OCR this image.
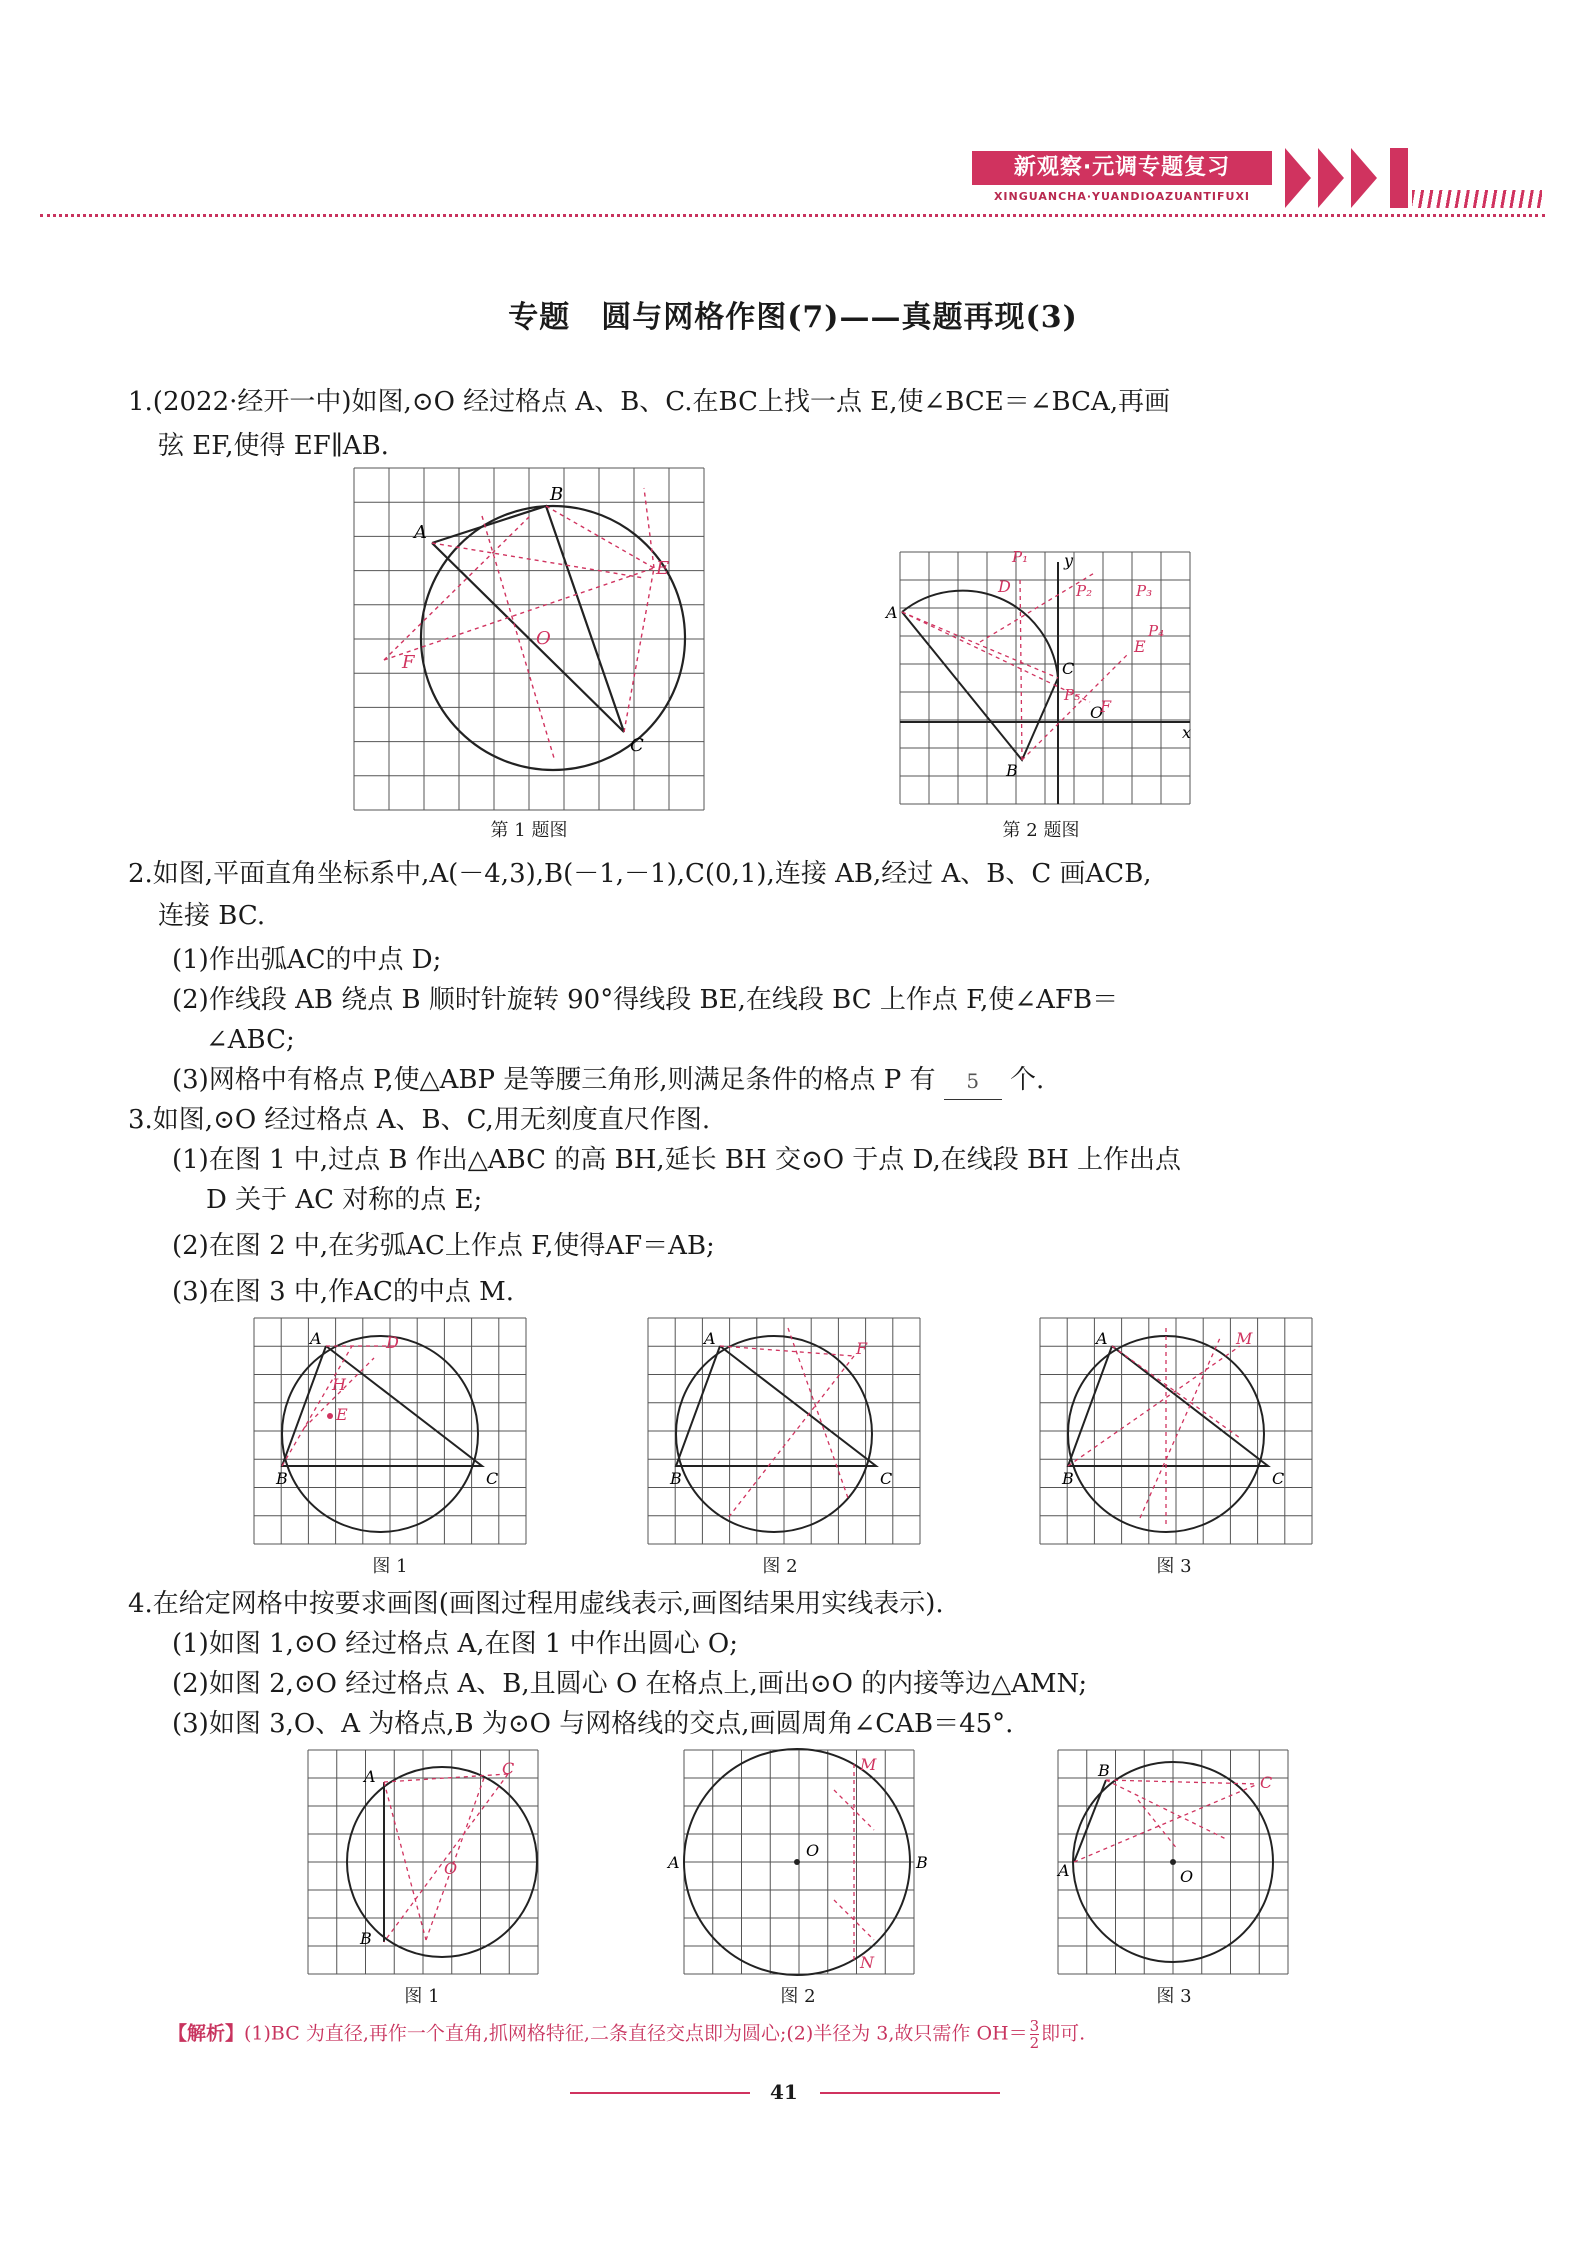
新观察·元调专题复习
XINGUANCHA·YUANDIOAZUANTIFUXI
专题　圆与网格作图(7)——真题再现(3)
1.(2022·经开一中)如图,⊙O 经过格点 A、B、C.在BC上找一点 E,使∠BCE＝∠BCA,再画
弦 EF,使得 EF∥AB.
A
B
C
E
F
O
第 1 题图
A
B
C
O
x
y
D
E
F
P₁
P₂	P₃
P₄
P₅
第 2 题图
2.如图,平面直角坐标系中,A(－4,3),B(－1,－1),C(0,1),连接 AB,经过 A、B、C 画ACB,
连接 BC.
(1)作出弧AC的中点 D;
(2)作线段 AB 绕点 B 顺时针旋转 90°得线段 BE,在线段 BC 上作点 F,使∠AFB＝
∠ABC;
(3)网格中有格点 P,使△ABP 是等腰三角形,则满足条件的格点 P 有 5 个.
3.如图,⊙O 经过格点 A、B、C,用无刻度直尺作图.
(1)在图 1 中,过点 B 作出△ABC 的高 BH,延长 BH 交⊙O 于点 D,在线段 BH 上作出点
D 关于 AC 对称的点 E;
(2)在图 2 中,在劣弧AC上作点 F,使得AF＝AB;
(3)在图 3 中,作AC的中点 M.
A
B	C
D
H
E
图 1
A
B	C
F
图 2
A
B	C
M
图 3
4.在给定网格中按要求画图(画图过程用虚线表示,画图结果用实线表示).
(1)如图 1,⊙O 经过格点 A,在图 1 中作出圆心 O;
(2)如图 2,⊙O 经过格点 A、B,且圆心 O 在格点上,画出⊙O 的内接等边△AMN;
(3)如图 3,O、A 为格点,B 为⊙O 与网格线的交点,画圆周角∠CAB＝45°.
A
B
C
O
图 1
A	B
O
M
N
图 2
A
B
O
C
图 3
【解析】(1)BC 为直径,再作一个直角,抓网格特征,二条直径交点即为圆心;(2)半径为 3,故只需作 $OH= \frac{3}{2}$ 即可.
41
